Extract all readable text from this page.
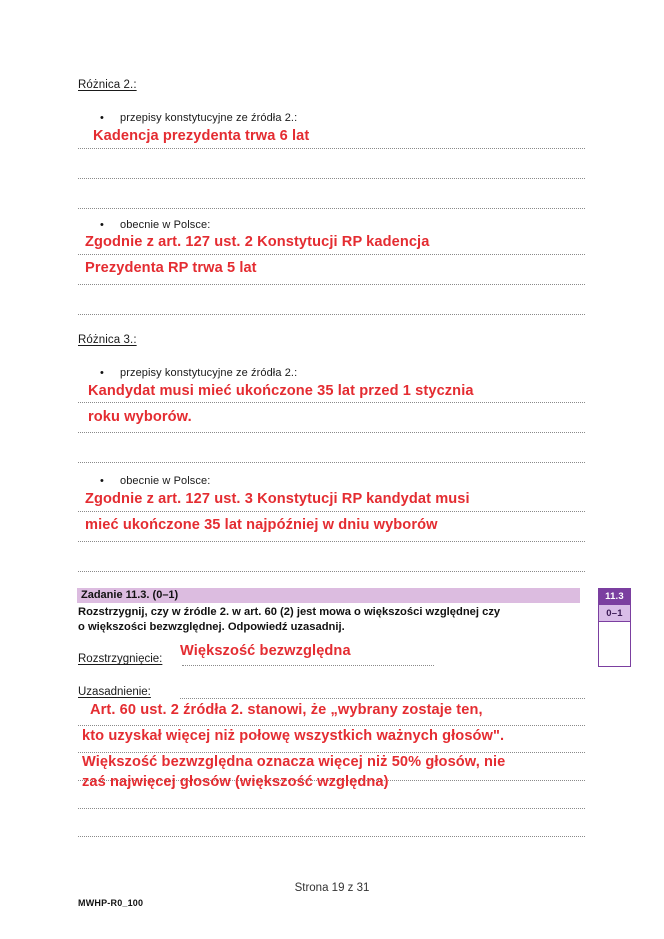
Różnica 2.:
• przepisy konstytucyjne ze źródła 2.:
Kadencja prezydenta trwa 6 lat
• obecnie w Polsce:
Zgodnie z art. 127 ust. 2 Konstytucji RP kadencja
Prezydenta RP trwa 5 lat
Różnica 3.:
• przepisy konstytucyjne ze źródła 2.:
Kandydat musi mieć ukończone 35 lat przed 1 stycznia
roku wyborów.
• obecnie w Polsce:
Zgodnie z art. 127 ust. 3 Konstytucji RP kandydat musi
mieć ukończone 35 lat najpóźniej w dniu wyborów
Zadanie 11.3. (0–1)
Rozstrzygnij, czy w źródle 2. w art. 60 (2) jest mowa o większości względnej czy
o większości bezwzględnej. Odpowiedź uzasadnij.
Większość bezwzględna
Rozstrzygnięcie:
Uzasadnienie:
Art. 60 ust. 2 źródła 2. stanowi, że „wybrany zostaje ten,
kto uzyskał więcej niż połowę wszystkich ważnych głosów".
Większość bezwzględna oznacza więcej niż 50% głosów, nie
zaś najwięcej głosów (większość względna)
11.3
0–1
Strona 19 z 31
MWHP-R0_100
